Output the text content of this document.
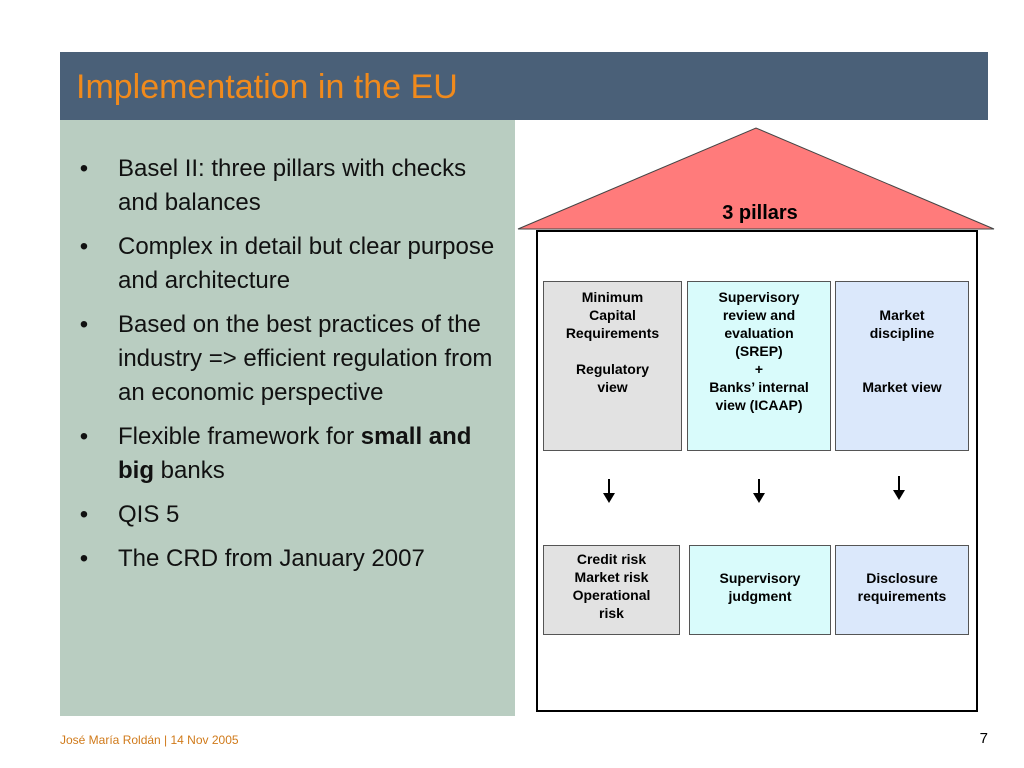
Implementation in the EU
• Basel II: three pillars with checks and balances
• Complex in detail but clear purpose and architecture
• Based on the best practices of the industry => efficient regulation from an economic perspective
• Flexible framework for small and big banks
• QIS 5
• The CRD from January 2007
3 pillars
Minimum
Capital
Requirements

Regulatory
view
Supervisory
review and
evaluation
(SREP)
+
Banks’ internal
view (ICAAP)
Market
discipline

Market view
Credit risk
Market risk
Operational
risk
Supervisory
judgment
Disclosure
requirements
José María Roldán | 14 Nov 2005	7
